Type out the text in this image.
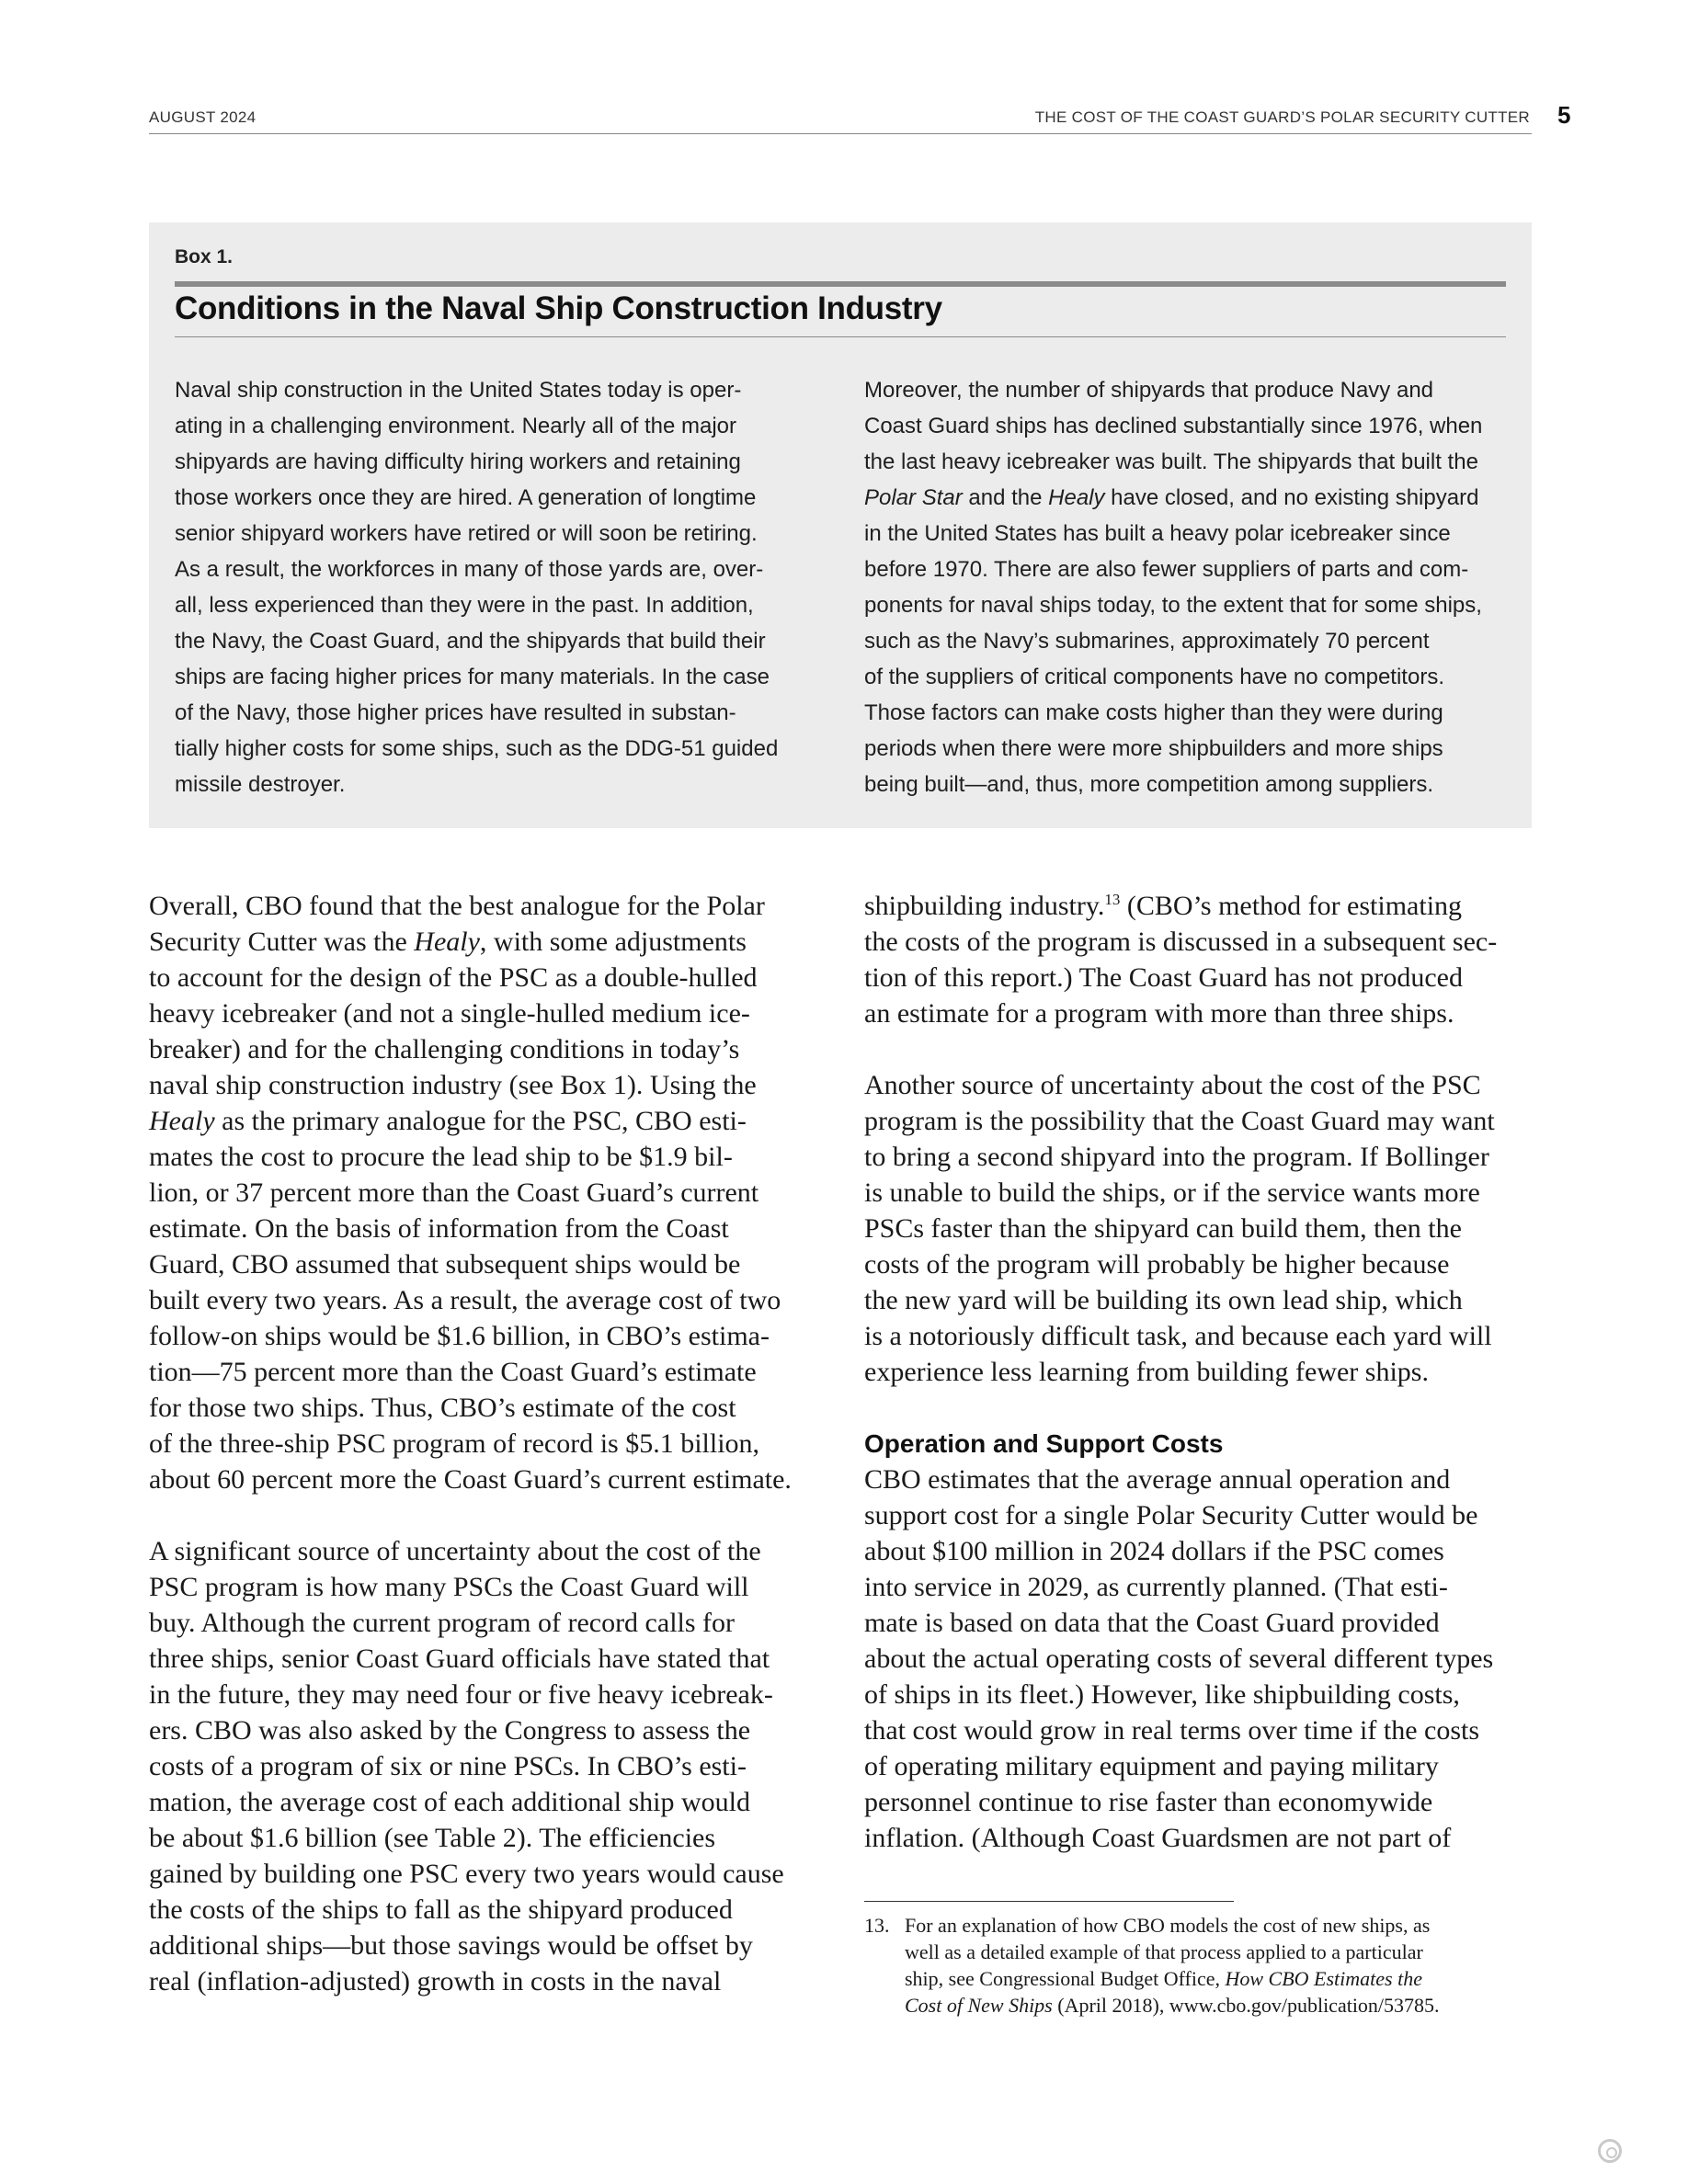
AUGUST 2024	THE COST OF THE COAST GUARD’S POLAR SECURITY CUTTER 5
Box 1.
Conditions in the Naval Ship Construction Industry
Naval ship construction in the United States today is oper-
ating in a challenging environment. Nearly all of the major
shipyards are having difficulty hiring workers and retaining
those workers once they are hired. A generation of longtime
senior shipyard workers have retired or will soon be retiring.
As a result, the workforces in many of those yards are, over-
all, less experienced than they were in the past. In addition,
the Navy, the Coast Guard, and the shipyards that build their
ships are facing higher prices for many materials. In the case
of the Navy, those higher prices have resulted in substan-
tially higher costs for some ships, such as the DDG-51 guided
missile destroyer.
Moreover, the number of shipyards that produce Navy and
Coast Guard ships has declined substantially since 1976, when
the last heavy icebreaker was built. The shipyards that built the
Polar Star and the Healy have closed, and no existing shipyard
in the United States has built a heavy polar icebreaker since
before 1970. There are also fewer suppliers of parts and com-
ponents for naval ships today, to the extent that for some ships,
such as the Navy’s submarines, approximately 70 percent
of the suppliers of critical components have no competitors.
Those factors can make costs higher than they were during
periods when there were more shipbuilders and more ships
being built—and, thus, more competition among suppliers.
Overall, CBO found that the best analogue for the Polar
Security Cutter was the Healy, with some adjustments
to account for the design of the PSC as a double-hulled
heavy icebreaker (and not a single-hulled medium ice-
breaker) and for the challenging conditions in today’s
naval ship construction industry (see Box 1). Using the
Healy as the primary analogue for the PSC, CBO esti-
mates the cost to procure the lead ship to be $1.9 bil-
lion, or 37 percent more than the Coast Guard’s current
estimate. On the basis of information from the Coast
Guard, CBO assumed that subsequent ships would be
built every two years. As a result, the average cost of two
follow-on ships would be $1.6 billion, in CBO’s estima-
tion—75 percent more than the Coast Guard’s estimate
for those two ships. Thus, CBO’s estimate of the cost
of the three-ship PSC program of record is $5.1 billion,
about 60 percent more the Coast Guard’s current estimate.
A significant source of uncertainty about the cost of the
PSC program is how many PSCs the Coast Guard will
buy. Although the current program of record calls for
three ships, senior Coast Guard officials have stated that
in the future, they may need four or five heavy icebreak-
ers. CBO was also asked by the Congress to assess the
costs of a program of six or nine PSCs. In CBO’s esti-
mation, the average cost of each additional ship would
be about $1.6 billion (see Table 2). The efficiencies
gained by building one PSC every two years would cause
the costs of the ships to fall as the shipyard produced
additional ships—but those savings would be offset by
real (inflation-adjusted) growth in costs in the naval
shipbuilding industry.$^{13}$ (CBO’s method for estimating
the costs of the program is discussed in a subsequent sec-
tion of this report.) The Coast Guard has not produced
an estimate for a program with more than three ships.
Another source of uncertainty about the cost of the PSC
program is the possibility that the Coast Guard may want
to bring a second shipyard into the program. If Bollinger
is unable to build the ships, or if the service wants more
PSCs faster than the shipyard can build them, then the
costs of the program will probably be higher because
the new yard will be building its own lead ship, which
is a notoriously difficult task, and because each yard will
experience less learning from building fewer ships.
Operation and Support Costs
CBO estimates that the average annual operation and
support cost for a single Polar Security Cutter would be
about $100 million in 2024 dollars if the PSC comes
into service in 2029, as currently planned. (That esti-
mate is based on data that the Coast Guard provided
about the actual operating costs of several different types
of ships in its fleet.) However, like shipbuilding costs,
that cost would grow in real terms over time if the costs
of operating military equipment and paying military
personnel continue to rise faster than economywide
inflation. (Although Coast Guardsmen are not part of
13. For an explanation of how CBO models the cost of new ships, as
well as a detailed example of that process applied to a particular
ship, see Congressional Budget Office, How CBO Estimates the
Cost of New Ships (April 2018), www.cbo.gov/publication/53785.
